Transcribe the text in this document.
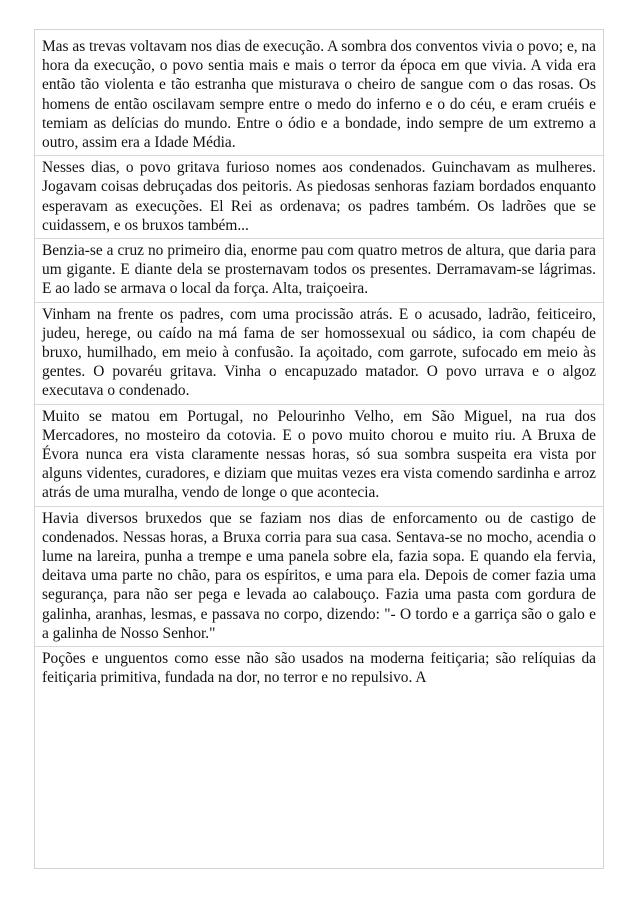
Mas as trevas voltavam nos dias de execução. A sombra dos conventos vivia o povo; e, na hora da execução, o povo sentia mais e mais o terror da época em que vivia. A vida era então tão violenta e tão estranha que misturava o cheiro de sangue com o das rosas. Os homens de então oscilavam sempre entre o medo do inferno e o do céu, e eram cruéis e temiam as delícias do mundo. Entre o ódio e a bondade, indo sempre de um extremo a outro, assim era a Idade Média.

Nesses dias, o povo gritava furioso nomes aos condenados. Guinchavam as mulheres. Jogavam coisas debruçadas dos peitoris. As piedosas senhoras faziam bordados enquanto esperavam as execuções. El Rei as ordenava; os padres também. Os ladrões que se cuidassem, e os bruxos também...

Benzia-se a cruz no primeiro dia, enorme pau com quatro metros de altura, que daria para um gigante. E diante dela se prosternavam todos os presentes. Derramavam-se lágrimas. E ao lado se armava o local da força. Alta, traiçoeira.

Vinham na frente os padres, com uma procissão atrás. E o acusado, ladrão, feiticeiro, judeu, herege, ou caído na má fama de ser homossexual ou sádico, ia com chapéu de bruxo, humilhado, em meio à confusão. Ia açoitado, com garrote, sufocado em meio às gentes. O povaréu gritava. Vinha o encapuzado matador. O povo urrava e o algoz executava o condenado.

Muito se matou em Portugal, no Pelourinho Velho, em São Miguel, na rua dos Mercadores, no mosteiro da cotovia. E o povo muito chorou e muito riu. A Bruxa de Évora nunca era vista claramente nessas horas, só sua sombra suspeita era vista por alguns videntes, curadores, e diziam que muitas vezes era vista comendo sardinha e arroz atrás de uma muralha, vendo de longe o que acontecia.

Havia diversos bruxedos que se faziam nos dias de enforcamento ou de castigo de condenados. Nessas horas, a Bruxa corria para sua casa. Sentava-se no mocho, acendia o lume na lareira, punha a trempe e uma panela sobre ela, fazia sopa. E quando ela fervia, deitava uma parte no chão, para os espíritos, e uma para ela. Depois de comer fazia uma segurança, para não ser pega e levada ao calabouço. Fazia uma pasta com gordura de galinha, aranhas, lesmas, e passava no corpo, dizendo: "- O tordo e a garriça são o galo e a galinha de Nosso Senhor."

Poções e unguentos como esse não são usados na moderna feitiçaria; são relíquias da feitiçaria primitiva, fundada na dor, no terror e no repulsivo. A
